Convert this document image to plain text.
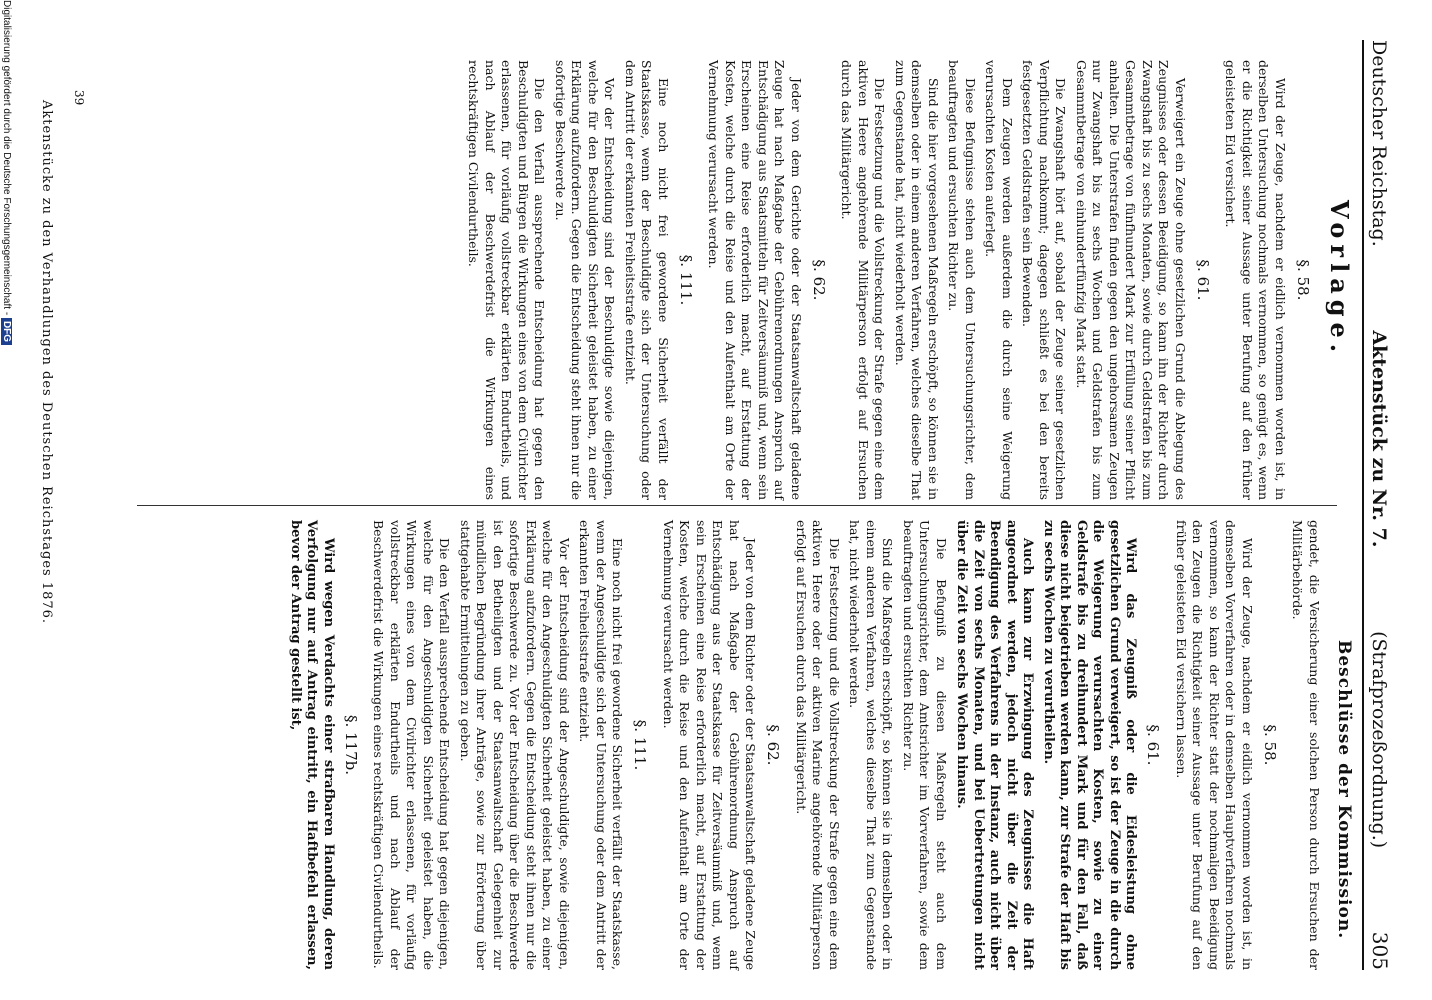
Deutscher Reichstag.
Aktenstück zu Nr. 7.
(Strafprozeßordnung.)
305
Vorlage.
Beschlüsse der Kommission.
§. 58.

Wird der Zeuge, nachdem er eidlich vernommen worden ist, in derselben Untersuchung nochmals vernommen, so genügt es, wenn er die Richtigkeit seiner Aussage unter Berufung auf den früher geleisteten Eid versichert.

§. 61.

Verweigert ein Zeuge ohne gesetzlichen Grund die Ablegung des Zeugnisses oder dessen Beeidigung, so kann ihn der Richter durch Zwangshaft bis zu sechs Monaten, sowie durch Geldstrafen bis zum Gesammtbetrage von fünfhundert Mark zur Erfüllung seiner Pflicht anhalten. Die Unterstrafen finden gegen den ungehorsamen Zeugen nur Zwangshaft bis zu sechs Wochen und Geldstrafen bis zum Gesammtbetrage von einhundertfünfzig Mark statt.

Die Zwangshaft hört auf, sobald der Zeuge seiner gesetzlichen Verpflichtung nachkommt; dagegen schließt es bei den bereits festgesetzten Geldstrafen sein Bewenden.

Dem Zeugen werden außerdem die durch seine Weigerung verursachten Kosten auferlegt.

Diese Befugnisse stehen auch dem Untersuchungsrichter, dem beauftragten und ersuchten Richter zu.

Sind die hier vorgesehenen Maßregeln erschöpft, so können sie in demselben oder in einem anderen Verfahren, welches dieselbe That zum Gegenstande hat, nicht wiederholt werden.

Die Festsetzung und die Vollstreckung der Strafe gegen eine dem aktiven Heere angehörende Militärperson erfolgt auf Ersuchen durch das Militärgericht.

§. 62.

Jeder von dem Gerichte oder der Staatsanwaltschaft geladene Zeuge hat nach Maßgabe der Gebührenordnungen Anspruch auf Entschädigung aus Staatsmitteln für Zeitversäumniß und, wenn sein Erscheinen eine Reise erforderlich macht, auf Erstattung der Kosten, welche durch die Reise und den Aufenthalt am Orte der Vernehmung verursacht werden.

§. 111.

Eine noch nicht frei gewordene Sicherheit verfällt der Staatskasse, wenn der Beschuldigte sich der Untersuchung oder dem Antritt der erkannten Freiheitsstrafe entzieht.

Vor der Entscheidung sind der Beschuldigte sowie diejenigen, welche für den Beschuldigten Sicherheit geleistet haben, zu einer Erklärung aufzufordern. Gegen die Entscheidung steht ihnen nur die sofortige Beschwerde zu.

Die den Verfall aussprechende Entscheidung hat gegen den Beschuldigten und Bürgen die Wirkungen eines von dem Civilrichter erlassenen, für vorläufig vollstreckbar erklärten Endurtheils, und nach Ablauf der Beschwerdefrist die Wirkungen eines rechtskräftigen Civilendurtheils.

gendet, die Versicherung einer solchen Person durch Ersuchen der Militärbehörde.

§. 58.

Wird der Zeuge, nachdem er eidlich vernommen worden ist, in demselben Vorverfahren oder in demselben Hauptverfahren nochmals vernommen, so kann der Richter statt der nochmaligen Beeidigung den Zeugen die Richtigkeit seiner Aussage unter Berufung auf den früher geleisteten Eid versichern lassen.

§. 61.

Wird das Zeugniß oder die Eidesleistung ohne gesetzlichen Grund verweigert, so ist der Zeuge in die durch die Weigerung verursachten Kosten, sowie zu einer Geldstrafe bis zu dreihundert Mark und für den Fall, daß diese nicht beigetrieben werden kann, zur Strafe der Haft bis zu sechs Wochen zu verurtheilen.

Auch kann zur Erzwingung des Zeugnisses die Haft angeordnet werden, jedoch nicht über die Zeit der Beendigung des Verfahrens in der Instanz, auch nicht über die Zeit von sechs Monaten, und bei Uebertretungen nicht über die Zeit von sechs Wochen hinaus.

Die Befugniß zu diesen Maßregeln steht auch dem Untersuchungsrichter, dem Amtsrichter im Vorverfahren, sowie dem beauftragten und ersuchten Richter zu.

Sind die Maßregeln erschöpft, so können sie in demselben oder in einem anderen Verfahren, welches dieselbe That zum Gegenstande hat, nicht wiederholt werden.

Die Festsetzung und die Vollstreckung der Strafe gegen eine dem aktiven Heere oder der aktiven Marine angehörende Militärperson erfolgt auf Ersuchen durch das Militärgericht.

§. 62.

Jeder von dem Richter oder der Staatsanwaltschaft geladene Zeuge hat nach Maßgabe der Gebührenordnung Anspruch auf Entschädigung aus der Staatskasse für Zeitversäumniß und, wenn sein Erscheinen eine Reise erforderlich macht, auf Erstattung der Kosten, welche durch die Reise und den Aufenthalt am Orte der Vernehmung verursacht werden.

§. 111.

Eine noch nicht frei gewordene Sicherheit verfällt der Staatskasse, wenn der Angeschuldigte sich der Untersuchung oder dem Antritt der erkannten Freiheitsstrafe entzieht.

Vor der Entscheidung sind der Angeschuldigte, sowie diejenigen, welche für den Angeschuldigten Sicherheit geleistet haben, zu einer Erklärung aufzufordern. Gegen die Entscheidung steht ihnen nur die sofortige Beschwerde zu. Vor der Entscheidung über die Beschwerde ist den Betheiligten und der Staatsanwaltschaft Gelegenheit zur mündlichen Begründung ihrer Anträge, sowie zur Erörterung über stattgehabte Ermittelungen zu geben.

Die den Verfall aussprechende Entscheidung hat gegen diejenigen, welche für den Angeschuldigten Sicherheit geleistet haben, die Wirkungen eines von dem Civilrichter erlassenen, für vorläufig vollstreckbar erklärten Endurtheils und nach Ablauf der Beschwerdefrist die Wirkungen eines rechtskräftigen Civilendurtheils.

§. 117b.

Wird wegen Verdachts einer strafbaren Handlung, deren Verfolgung nur auf Antrag eintritt, ein Haftbefehl erlassen, bevor der Antrag gestellt ist,

39
Aktenstücke zu den Verhandlungen des Deutschen Reichstages 1876.
Digitalisierung gefördert durch die Deutsche Forschungsgemeinschaft - DFG
